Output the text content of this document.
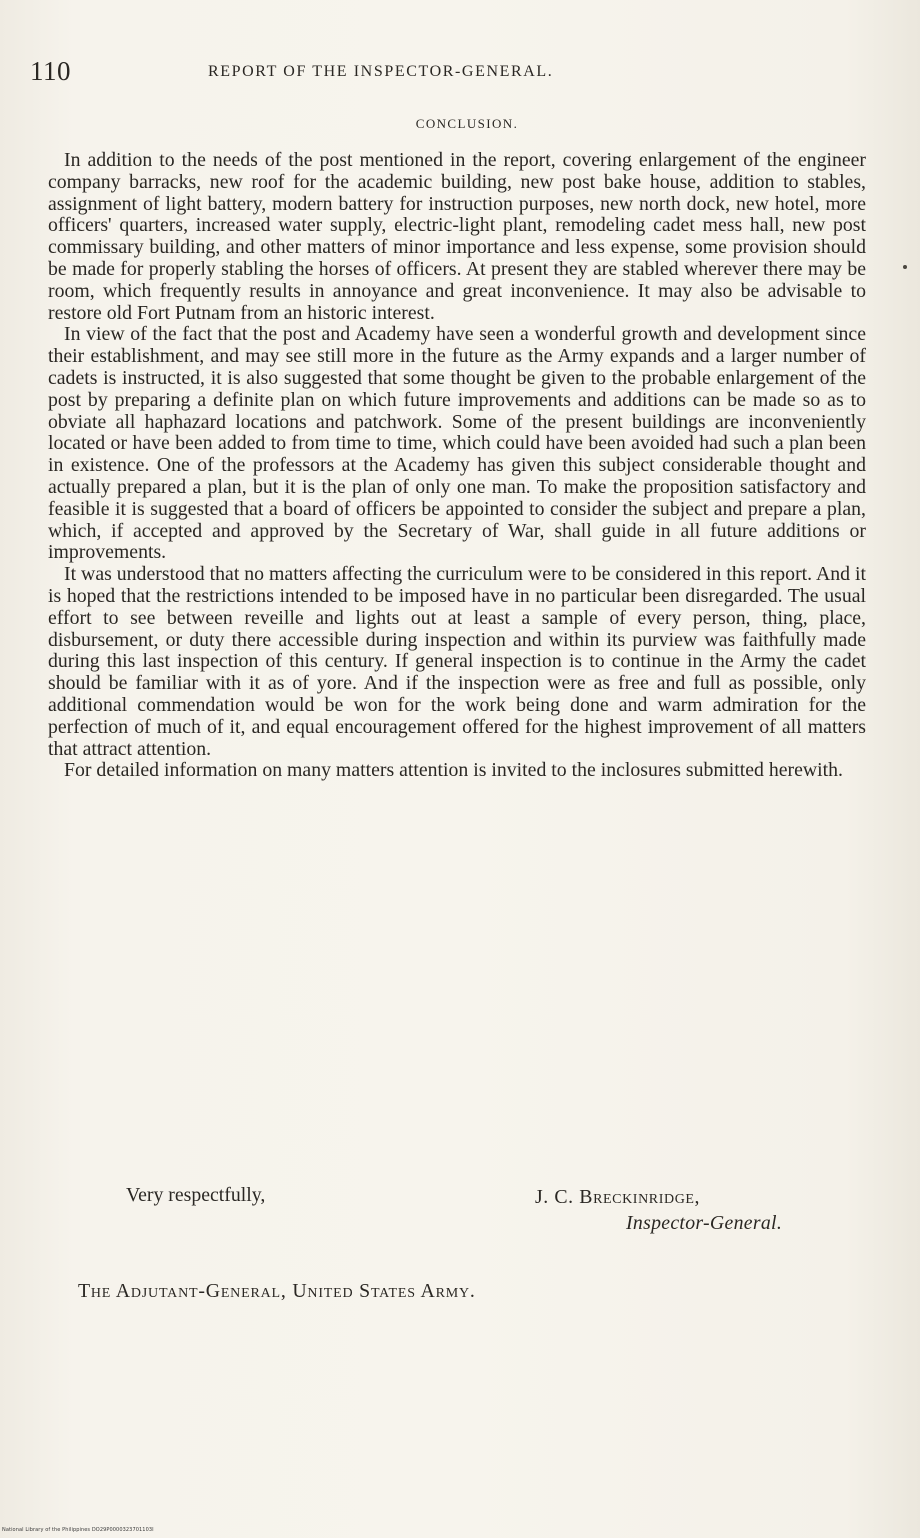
110	REPORT OF THE INSPECTOR-GENERAL.
CONCLUSION.

In addition to the needs of the post mentioned in the report, covering enlargement of the engineer company barracks, new roof for the academic building, new post bake house, addition to stables, assignment of light battery, modern battery for instruction purposes, new north dock, new hotel, more officers' quarters, increased water supply, electric-light plant, remodeling cadet mess hall, new post commissary building, and other matters of minor importance and less expense, some provision should be made for properly stabling the horses of officers. At present they are stabled wherever there may be room, which frequently results in annoyance and great inconvenience. It may also be advisable to restore old Fort Putnam from an historic interest.

In view of the fact that the post and Academy have seen a wonderful growth and development since their establishment, and may see still more in the future as the Army expands and a larger number of cadets is instructed, it is also suggested that some thought be given to the probable enlargement of the post by preparing a definite plan on which future improvements and additions can be made so as to obviate all haphazard locations and patchwork. Some of the present buildings are inconveniently located or have been added to from time to time, which could have been avoided had such a plan been in existence. One of the professors at the Academy has given this subject considerable thought and actually prepared a plan, but it is the plan of only one man. To make the proposition satisfactory and feasible it is suggested that a board of officers be appointed to consider the subject and prepare a plan, which, if accepted and approved by the Secretary of War, shall guide in all future additions or improvements.

It was understood that no matters affecting the curriculum were to be considered in this report. And it is hoped that the restrictions intended to be imposed have in no particular been disregarded. The usual effort to see between reveille and lights out at least a sample of every person, thing, place, disbursement, or duty there accessible during inspection and within its purview was faithfully made during this last inspection of this century. If general inspection is to continue in the Army the cadet should be familiar with it as of yore. And if the inspection were as free and full as possible, only additional commendation would be won for the work being done and warm admiration for the perfection of much of it, and equal encouragement offered for the highest improvement of all matters that attract attention.

For detailed information on many matters attention is invited to the inclosures submitted herewith.

Very respectfully,	J. C. Breckinridge,
Inspector-General.
The Adjutant-General, United States Army.
National Library of the Philippines DO29P0000323701103I
